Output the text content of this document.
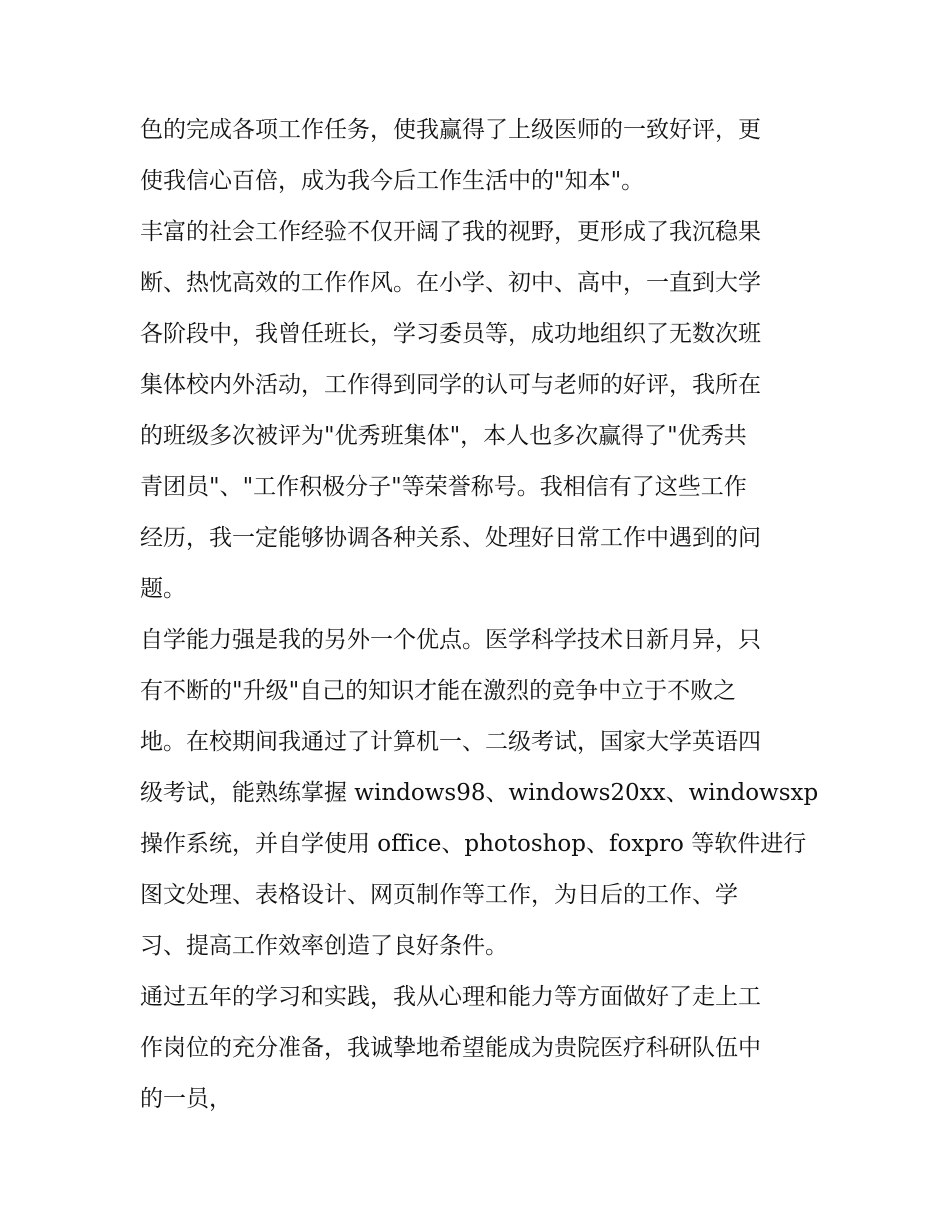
色的完成各项工作任务，使我赢得了上级医师的一致好评，更
使我信心百倍，成为我今后工作生活中的"知本"。
丰富的社会工作经验不仅开阔了我的视野，更形成了我沉稳果
断、热忱高效的工作作风。在小学、初中、高中，一直到大学
各阶段中，我曾任班长，学习委员等，成功地组织了无数次班
集体校内外活动，工作得到同学的认可与老师的好评，我所在
的班级多次被评为"优秀班集体"，本人也多次赢得了"优秀共
青团员"、"工作积极分子"等荣誉称号。我相信有了这些工作
经历，我一定能够协调各种关系、处理好日常工作中遇到的问
题。
自学能力强是我的另外一个优点。医学科学技术日新月异，只
有不断的"升级"自己的知识才能在激烈的竞争中立于不败之
地。在校期间我通过了计算机一、二级考试，国家大学英语四
级考试，能熟练掌握 windows98、windows20xx、windowsxp
操作系统，并自学使用 office、photoshop、foxpro 等软件进行
图文处理、表格设计、网页制作等工作，为日后的工作、学
习、提高工作效率创造了良好条件。
通过五年的学习和实践，我从心理和能力等方面做好了走上工
作岗位的充分准备，我诚挚地希望能成为贵院医疗科研队伍中
的一员，
